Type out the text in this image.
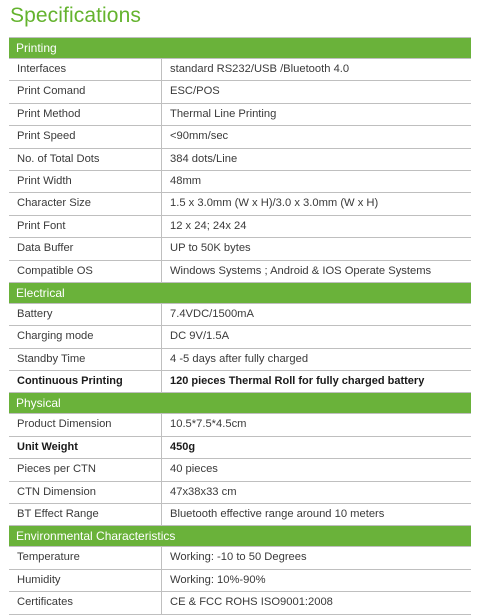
Specifications
Printing
Interfaces	standard RS232/USB /Bluetooth 4.0
Print Comand	ESC/POS
Print Method	Thermal Line Printing
Print Speed	<90mm/sec
No. of Total Dots	384 dots/Line
Print Width	48mm
Character Size	1.5 x 3.0mm (W x H)/3.0 x 3.0mm (W x H)
Print Font	12 x 24; 24x 24
Data Buffer	UP to 50K bytes
Compatible OS	Windows Systems ; Android & IOS Operate Systems
Electrical
Battery	7.4VDC/1500mA
Charging mode	DC 9V/1.5A
Standby Time	4 -5 days after fully charged
Continuous Printing	120 pieces Thermal Roll for fully charged battery
Physical
Product Dimension	10.5*7.5*4.5cm
Unit Weight	450g
Pieces per CTN	40 pieces
CTN Dimension	47x38x33 cm
BT Effect Range	Bluetooth effective range around 10 meters
Environmental Characteristics
Temperature	Working: -10 to 50 Degrees
Humidity	Working: 10%-90%
Certificates	CE & FCC ROHS ISO9001:2008
